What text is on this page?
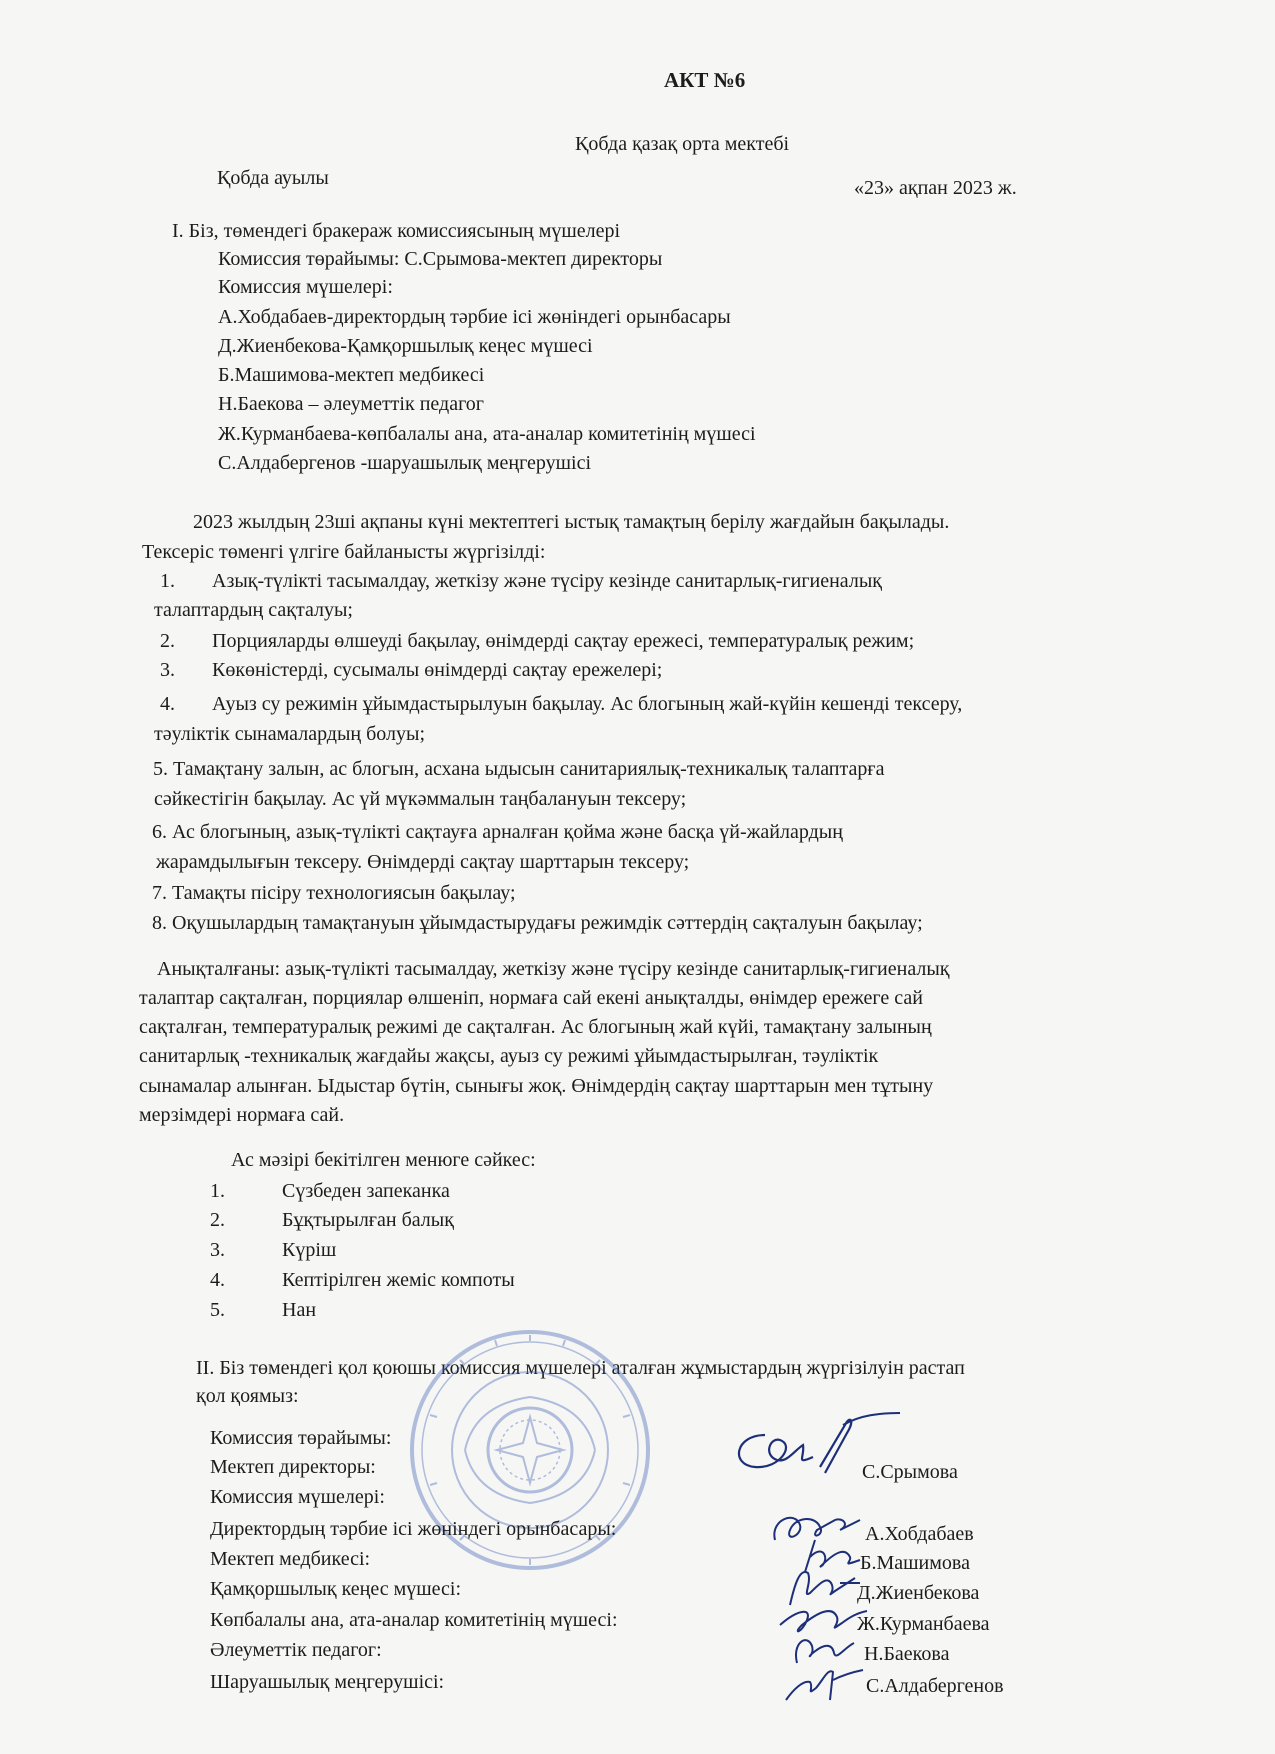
АКТ №6
Қобда қазақ орта мектебі
Қобда ауылы	«23» ақпан 2023 ж.
І. Біз, төмендегі бракераж комиссиясының мүшелері
Комиссия төрайымы: С.Срымова-мектеп директоры
Комиссия мүшелері:
А.Хобдабаев-директордың тәрбие ісі жөніндегі орынбасары
Д.Жиенбекова-Қамқоршылық кеңес мүшесі
Б.Машимова-мектеп медбикесі
Н.Баекова – әлеуметтік педагог
Ж.Курманбаева-көпбалалы ана, ата-аналар комитетінің мүшесі
С.Алдабергенов -шаруашылық меңгерушісі
2023 жылдың 23ші ақпаны күні мектептегі ыстық тамақтың берілу жағдайын бақылады.
Тексеріс төменгі үлгіге байланысты жүргізілді:
1. Азық-түлікті тасымалдау, жеткізу және түсіру кезінде санитарлық-гигиеналық
талаптардың сақталуы;
2. Порцияларды өлшеуді бақылау, өнімдерді сақтау ережесі, температуралық режим;
3. Көкөністерді, сусымалы өнімдерді сақтау ережелері;
4. Ауыз су режимін ұйымдастырылуын бақылау. Ас блогының жай-күйін кешенді тексеру,
тәуліктік сынамалардың болуы;
5. Тамақтану залын, ас блогын, асхана ыдысын санитариялық-техникалық талаптарға
сәйкестігін бақылау. Ас үй мүкәммалын таңбалануын тексеру;
6. Ас блогының, азық-түлікті сақтауға арналған қойма және басқа үй-жайлардың
жарамдылығын тексеру. Өнімдерді сақтау шарттарын тексеру;
7. Тамақты пісіру технологиясын бақылау;
8. Оқушылардың тамақтануын ұйымдастырудағы режимдік сәттердің сақталуын бақылау;
Анықталғаны: азық-түлікті тасымалдау, жеткізу және түсіру кезінде санитарлық-гигиеналық
талаптар сақталған, порциялар өлшеніп, нормаға сай екені анықталды, өнімдер ережеге сай
сақталған, температуралық режимі де сақталған. Ас блогының жай күйі, тамақтану залының
санитарлық -техникалық жағдайы жақсы, ауыз су режимі ұйымдастырылған, тәуліктік
сынамалар алынған. Ыдыстар бүтін, сынығы жоқ. Өнімдердің сақтау шарттарын мен тұтыну
мерзімдері нормаға сай.
Ас мәзірі бекітілген менюге сәйкес:
1.	Сүзбеден запеканка
2.	Бұқтырылған балық
3.	Күріш
4.	Кептірілген жеміс компоты
5.	Нан
ІІ. Біз төмендегі қол қоюшы комиссия мүшелері аталған жұмыстардың жүргізілуін растап
қол қоямыз:
Комиссия төрайымы:
Мектеп директоры:	С.Срымова
Комиссия мүшелері:
Директордың тәрбие ісі жөніндегі орынбасары:	А.Хобдабаев
Мектеп медбикесі:	Б.Машимова
Қамқоршылық кеңес мүшесі:	Д.Жиенбекова
Көпбалалы ана, ата-аналар комитетінің мүшесі:	Ж.Курманбаева
Әлеуметтік педагог:	Н.Баекова
Шаруашылық меңгерушісі:	С.Алдабергенов
